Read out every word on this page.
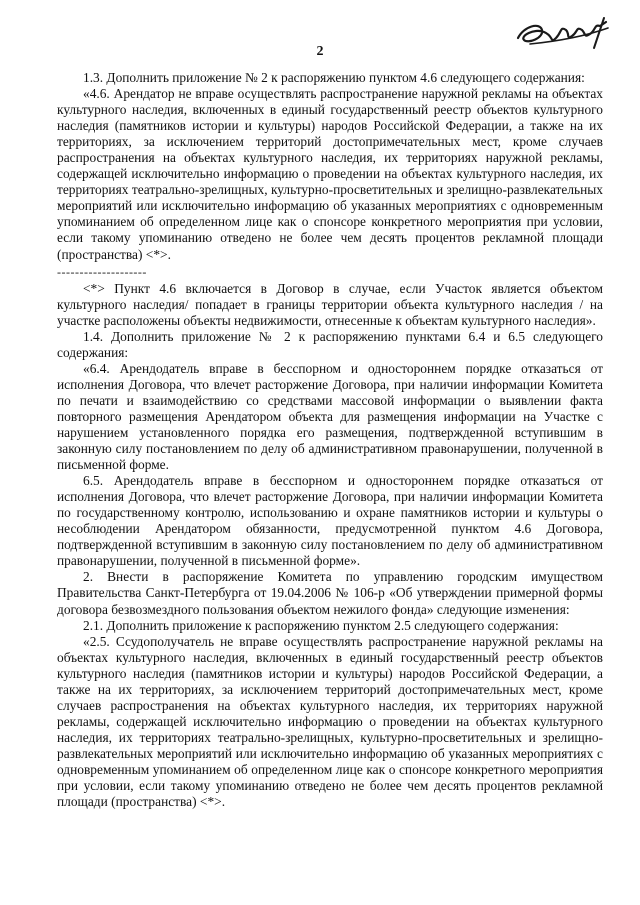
2

1.3. Дополнить приложение № 2 к распоряжению пунктом 4.6 следующего содержания:

«4.6. Арендатор не вправе осуществлять распространение наружной рекламы на объектах культурного наследия, включенных в единый государственный реестр объектов культурного наследия (памятников истории и культуры) народов Российской Федерации, а также на их территориях, за исключением территорий достопримечательных мест, кроме случаев распространения на объектах культурного наследия, их территориях наружной рекламы, содержащей исключительно информацию о проведении на объектах культурного наследия, их территориях театрально-зрелищных, культурно-просветительных и зрелищно-развлекательных мероприятий или исключительно информацию об указанных мероприятиях с одновременным упоминанием об определенном лице как о спонсоре конкретного мероприятия при условии, если такому упоминанию отведено не более чем десять процентов рекламной площади (пространства) <*>.

--------------------

<*> Пункт 4.6 включается в Договор в случае, если Участок является объектом культурного наследия/ попадает в границы территории объекта культурного наследия / на участке расположены объекты недвижимости, отнесенные к объектам культурного наследия».

1.4. Дополнить приложение № 2 к распоряжению пунктами 6.4 и 6.5 следующего содержания:

«6.4. Арендодатель вправе в бесспорном и одностороннем порядке отказаться от исполнения Договора, что влечет расторжение Договора, при наличии информации Комитета по печати и взаимодействию со средствами массовой информации о выявлении факта повторного размещения Арендатором объекта для размещения информации на Участке с нарушением установленного порядка его размещения, подтвержденной вступившим в законную силу постановлением по делу об административном правонарушении, полученной в письменной форме.

6.5. Арендодатель вправе в бесспорном и одностороннем порядке отказаться от исполнения Договора, что влечет расторжение Договора, при наличии информации Комитета по государственному контролю, использованию и охране памятников истории и культуры о несоблюдении Арендатором обязанности, предусмотренной пунктом 4.6 Договора, подтвержденной вступившим в законную силу постановлением по делу об административном правонарушении, полученной в письменной форме».

2. Внести в распоряжение Комитета по управлению городским имуществом Правительства Санкт-Петербурга от 19.04.2006 № 106-р «Об утверждении примерной формы договора безвозмездного пользования объектом нежилого фонда» следующие изменения:

2.1. Дополнить приложение к распоряжению пунктом 2.5 следующего содержания:

«2.5. Ссудополучатель не вправе осуществлять распространение наружной рекламы на объектах культурного наследия, включенных в единый государственный реестр объектов культурного наследия (памятников истории и культуры) народов Российской Федерации, а также на их территориях, за исключением территорий достопримечательных мест, кроме случаев распространения на объектах культурного наследия, их территориях наружной рекламы, содержащей исключительно информацию о проведении на объектах культурного наследия, их территориях театрально-зрелищных, культурно-просветительных и зрелищно-развлекательных мероприятий или исключительно информацию об указанных мероприятиях с одновременным упоминанием об определенном лице как о спонсоре конкретного мероприятия при условии, если такому упоминанию отведено не более чем десять процентов рекламной площади (пространства) <*>.
